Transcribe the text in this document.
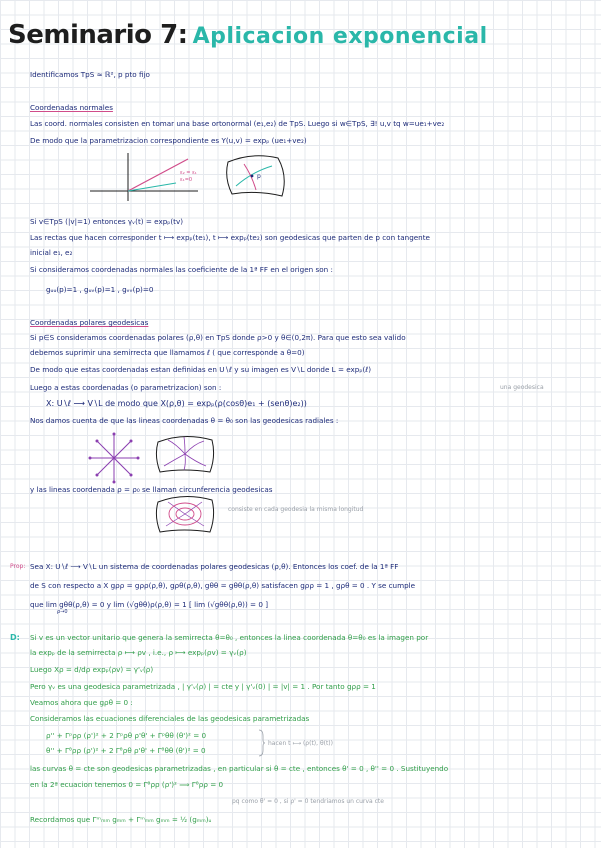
Seminario 7: Aplicacion exponencial
Identificamos TpS ≈ ℝ², p pto fijo
Coordenadas normales
Las coord. normales consisten en tomar una base ortonormal (e₁,e₂) de TpS. Luego si w∈TpS, ∃! u,v tq w=ue₁+ve₂
De modo que la parametrizacion correspondiente es Y(u,v) = expₚ (ue₁+ve₂)
ε₂ = ε₁
ε₁=0	p
Si v∈TpS (|v|=1) entonces γᵥ(t) = expₚ(tv)
Las rectas que hacen corresponder t ⟼ expₚ(te₁), t ⟼ expₚ(te₂) son geodesicas que parten de p con tangente
inicial e₁, e₂
Si consideramos coordenadas normales las coeficiente de la 1ª FF en el origen son :
gᵤᵤ(p)=1 , gᵤᵥ(p)=1 , gᵥᵥ(p)=0
Coordenadas polares geodesicas
Si p∈S consideramos coordenadas polares (ρ,θ) en TpS donde ρ>0 y θ∈(0,2π). Para que esto sea valido
debemos suprimir una semirrecta que llamamos ℓ ( que corresponde a θ=0)
De modo que estas coordenadas estan definidas en U∖ℓ y su imagen es V∖L donde L = expₚ(ℓ)
una geodesica
Luego a estas coordenadas (o parametrizacion) son :
X: U∖ℓ ⟶ V∖L de modo que X(ρ,θ) = expₚ(ρ(cosθ)e₁ + (senθ)e₂))
Nos damos cuenta de que las lineas coordenadas θ = θ₀ son las geodesicas radiales :
y las lineas coordenada ρ = ρ₀ se llaman circunferencia geodesicas
consiste en cada geodesia la misma longitud
Prop: Sea X: U∖ℓ ⟶ V∖L un sistema de coordenadas polares geodesicas (ρ,θ). Entonces los coef. de la 1ª FF
de S con respecto a X gρρ = gρρ(ρ,θ), gρθ(ρ,θ), gθθ = gθθ(ρ,θ) satisfacen gρρ = 1 , gρθ = 0 . Y se cumple
que lim gθθ(ρ,θ) = 0 y lim (√gθθ)ρ(ρ,θ) = 1 [ lim (√gθθ(ρ,θ)) = 0 ]
ρ→0
D: Si v es un vector unitario que genera la semirrecta θ=θ₀ , entonces la linea coordenada θ=θ₀ es la imagen por
la expₚ de la semirrecta ρ ⟼ ρv , i.e., ρ ⟼ expₚ(ρv) = γᵥ(ρ)
Luego Xρ = d/dρ expₚ(ρv) = γ'ᵥ(ρ)
Pero γᵥ es una geodesica parametrizada , | γ'ᵥ(ρ) | = cte y | γ'ᵥ(0) | = |v| = 1 . Por tanto gρρ = 1
Veamos ahora que gρθ = 0 :
Consideramos las ecuaciones diferenciales de las geodesicas parametrizadas
ρ'' + Γᵖρρ (ρ')² + 2 Γᵖρθ ρ'θ' + Γᵖθθ (θ')² = 0
θ'' + Γᶿρρ (ρ')² + 2 Γᶿρθ ρ'θ' + Γᶿθθ (θ')² = 0
hacen t ⟼ (ρ(t), θ(t))
las curvas θ = cte son geodesicas parametrizadas , en particular si θ = cte , entonces θ' = 0 , θ'' = 0 . Sustituyendo
en la 2ª ecuacion tenemos 0 = Γᶿρρ (ρ')² ⟹ Γᶿρρ = 0
pq como θ' = 0 , si ρ' = 0 tendriamos un curva cte
Recordamos que Γᵐₘₘ gₘₘ + Γᵐₘₘ gₘₘ = ½ (gₘₘ)ᵤ
